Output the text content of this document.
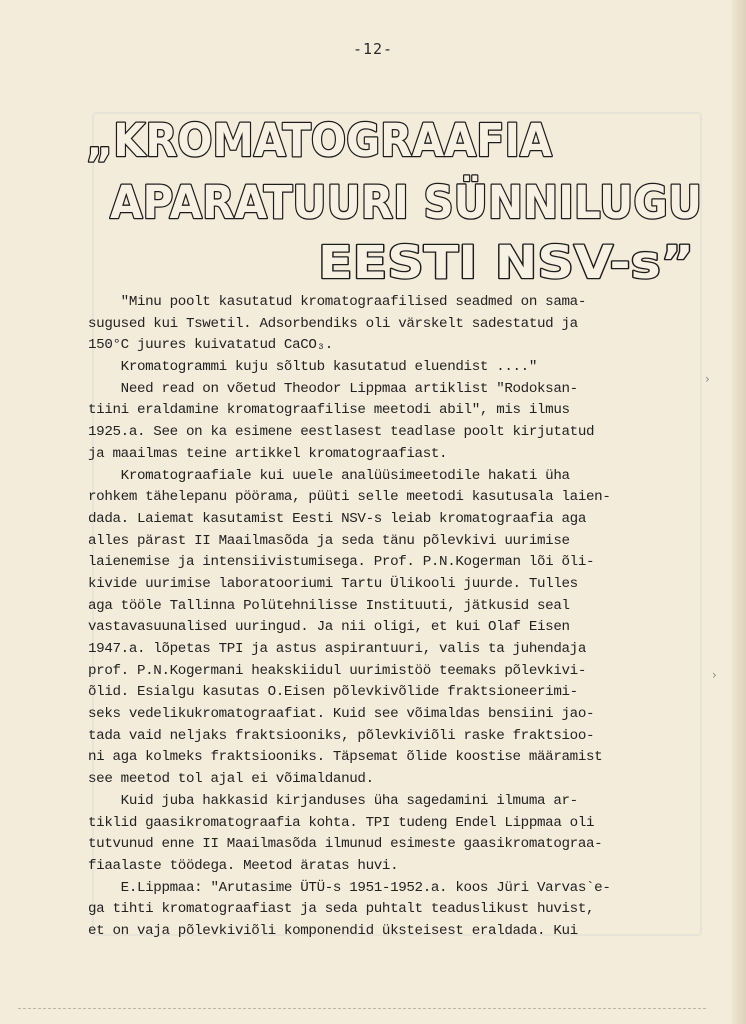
-12-
„KROMATOGRAAFIA
APARATUURI SÜNNILUGU
EESTI NSV-s”
"Minu poolt kasutatud kromatograafilised seadmed on sama-
sugused kui Tswetil. Adsorbendiks oli värskelt sadestatud ja
150°C juures kuivatatud CaCO₃.
Kromatogrammi kuju sõltub kasutatud eluendist ...."
Need read on võetud Theodor Lippmaa artiklist "Rodoksan-
tiini eraldamine kromatograafilise meetodi abil", mis ilmus
1925.a. See on ka esimene eestlasest teadlase poolt kirjutatud
ja maailmas teine artikkel kromatograafiast.
Kromatograafiale kui uuele analüüsimeetodile hakati üha
rohkem tähelepanu pöörama, püüti selle meetodi kasutusala laien-
dada. Laiemat kasutamist Eesti NSV-s leiab kromatograafia aga
alles pärast II Maailmasõda ja seda tänu põlevkivi uurimise
laienemise ja intensiivistumisega. Prof. P.N.Kogerman lõi õli-
kivide uurimise laboratooriumi Tartu Ülikooli juurde. Tulles
aga tööle Tallinna Polütehnilisse Instituuti, jätkusid seal
vastavasuunalised uuringud. Ja nii oligi, et kui Olaf Eisen
1947.a. lõpetas TPI ja astus aspirantuuri, valis ta juhendaja
prof. P.N.Kogermani heakskiidul uurimistöö teemaks põlevkivi-
õlid. Esialgu kasutas O.Eisen põlevkivõlide fraktsioneerimi-
seks vedelikukromatograafiat. Kuid see võimaldas bensiini jao-
tada vaid neljaks fraktsiooniks, põlevkiviõli raske fraktsioo-
ni aga kolmeks fraktsiooniks. Täpsemat õlide koostise määramist
see meetod tol ajal ei võimaldanud.
Kuid juba hakkasid kirjanduses üha sagedamini ilmuma ar-
tiklid gaasikromatograafia kohta. TPI tudeng Endel Lippmaa oli
tutvunud enne II Maailmasõda ilmunud esimeste gaasikromatograa-
fiaalaste töödega. Meetod äratas huvi.
E.Lippmaa: "Arutasime ÜTÜ-s 1951-1952.a. koos Jüri Varvas`e-
ga tihti kromatograafiast ja seda puhtalt teaduslikust huvist,
et on vaja põlevkiviõli komponendid üksteisest eraldada. Kui
›
›
